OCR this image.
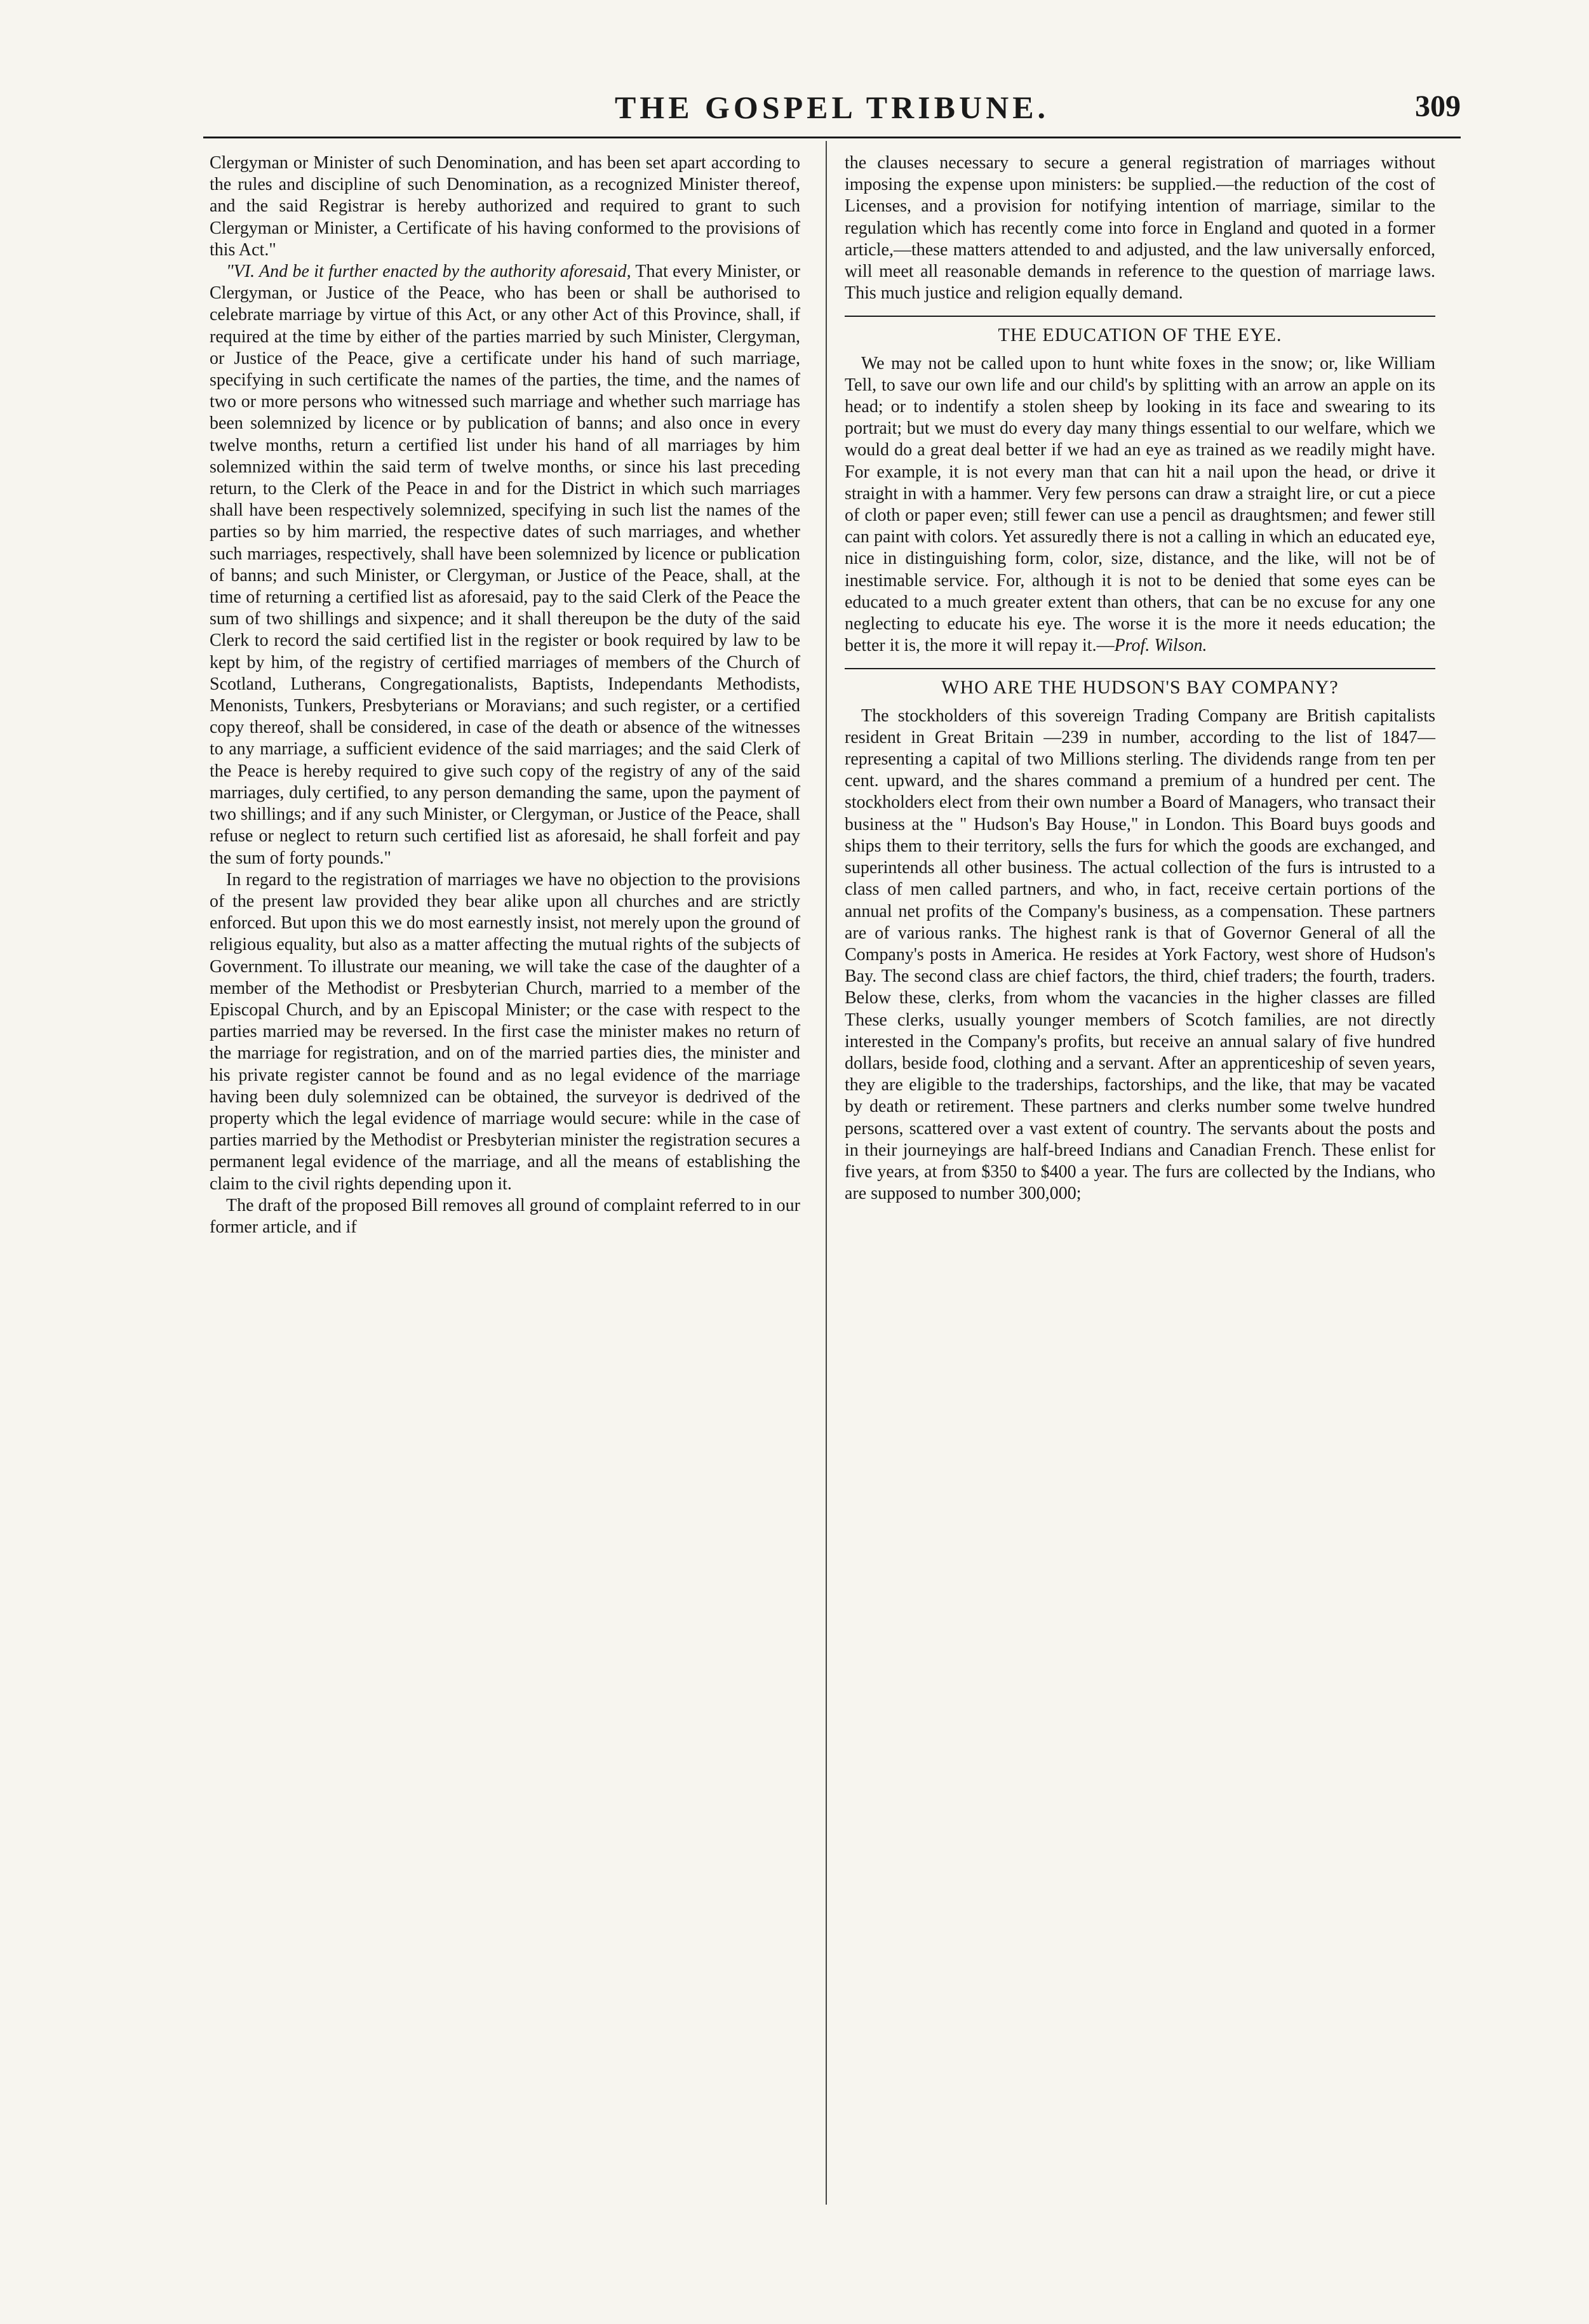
THE GOSPEL TRIBUNE.	309

Clergyman or Minister of such Denomination, and has been set apart according to the rules and discipline of such Denomination, as a recognized Minister thereof, and the said Registrar is hereby authorized and required to grant to such Clergyman or Minister, a Certificate of his having conformed to the provisions of this Act."

"VI. And be it further enacted by the authority aforesaid, That every Minister, or Clergyman, or Justice of the Peace, who has been or shall be authorised to celebrate marriage by virtue of this Act, or any other Act of this Province, shall, if required at the time by either of the parties married by such Minister, Clergyman, or Justice of the Peace, give a certificate under his hand of such marriage, specifying in such certificate the names of the parties, the time, and the names of two or more persons who witnessed such marriage and whether such marriage has been solemnized by licence or by publication of banns; and also once in every twelve months, return a certified list under his hand of all marriages by him solemnized within the said term of twelve months, or since his last preceding return, to the Clerk of the Peace in and for the District in which such marriages shall have been respectively solemnized, specifying in such list the names of the parties so by him married, the respective dates of such marriages, and whether such marriages, respectively, shall have been solemnized by licence or publication of banns; and such Minister, or Clergyman, or Justice of the Peace, shall, at the time of returning a certified list as aforesaid, pay to the said Clerk of the Peace the sum of two shillings and sixpence; and it shall thereupon be the duty of the said Clerk to record the said certified list in the register or book required by law to be kept by him, of the registry of certified marriages of members of the Church of Scotland, Lutherans, Congregationalists, Baptists, Independants Methodists, Menonists, Tunkers, Presbyterians or Moravians; and such register, or a certified copy thereof, shall be considered, in case of the death or absence of the witnesses to any marriage, a sufficient evidence of the said marriages; and the said Clerk of the Peace is hereby required to give such copy of the registry of any of the said marriages, duly certified, to any person demanding the same, upon the payment of two shillings; and if any such Minister, or Clergyman, or Justice of the Peace, shall refuse or neglect to return such certified list as aforesaid, he shall forfeit and pay the sum of forty pounds."

In regard to the registration of marriages we have no objection to the provisions of the present law provided they bear alike upon all churches and are strictly enforced. But upon this we do most earnestly insist, not merely upon the ground of religious equality, but also as a matter affecting the mutual rights of the subjects of Government. To illustrate our meaning, we will take the case of the daughter of a member of the Methodist or Presbyterian Church, married to a member of the Episcopal Church, and by an Episcopal Minister; or the case with respect to the parties married may be reversed. In the first case the minister makes no return of the marriage for registration, and on of the married parties dies, the minister and his private register cannot be found and as no legal evidence of the marriage having been duly solemnized can be obtained, the surveyor is dedrived of the property which the legal evidence of marriage would secure: while in the case of parties married by the Methodist or Presbyterian minister the registration secures a permanent legal evidence of the marriage, and all the means of establishing the claim to the civil rights depending upon it.

The draft of the proposed Bill removes all ground of complaint referred to in our former article, and if

the clauses necessary to secure a general registration of marriages without imposing the expense upon ministers: be supplied.—the reduction of the cost of Licenses, and a provision for notifying intention of marriage, similar to the regulation which has recently come into force in England and quoted in a former article,—these matters attended to and adjusted, and the law universally enforced, will meet all reasonable demands in reference to the question of marriage laws. This much justice and religion equally demand.

THE EDUCATION OF THE EYE.

We may not be called upon to hunt white foxes in the snow; or, like William Tell, to save our own life and our child's by splitting with an arrow an apple on its head; or to indentify a stolen sheep by looking in its face and swearing to its portrait; but we must do every day many things essential to our welfare, which we would do a great deal better if we had an eye as trained as we readily might have. For example, it is not every man that can hit a nail upon the head, or drive it straight in with a hammer. Very few persons can draw a straight lire, or cut a piece of cloth or paper even; still fewer can use a pencil as draughtsmen; and fewer still can paint with colors. Yet assuredly there is not a calling in which an educated eye, nice in distinguishing form, color, size, distance, and the like, will not be of inestimable service. For, although it is not to be denied that some eyes can be educated to a much greater extent than others, that can be no excuse for any one neglecting to educate his eye. The worse it is the more it needs education; the better it is, the more it will repay it.—Prof. Wilson.

WHO ARE THE HUDSON'S BAY COMPANY?

The stockholders of this sovereign Trading Company are British capitalists resident in Great Britain —239 in number, according to the list of 1847—representing a capital of two Millions sterling. The dividends range from ten per cent. upward, and the shares command a premium of a hundred per cent. The stockholders elect from their own number a Board of Managers, who transact their business at the " Hudson's Bay House," in London. This Board buys goods and ships them to their territory, sells the furs for which the goods are exchanged, and superintends all other business. The actual collection of the furs is intrusted to a class of men called partners, and who, in fact, receive certain portions of the annual net profits of the Company's business, as a compensation. These partners are of various ranks. The highest rank is that of Governor General of all the Company's posts in America. He resides at York Factory, west shore of Hudson's Bay. The second class are chief factors, the third, chief traders; the fourth, traders. Below these, clerks, from whom the vacancies in the higher classes are filled These clerks, usually younger members of Scotch families, are not directly interested in the Company's profits, but receive an annual salary of five hundred dollars, beside food, clothing and a servant. After an apprenticeship of seven years, they are eligible to the traderships, factorships, and the like, that may be vacated by death or retirement. These partners and clerks number some twelve hundred persons, scattered over a vast extent of country. The servants about the posts and in their journeyings are half-breed Indians and Canadian French. These enlist for five years, at from $350 to $400 a year. The furs are collected by the Indians, who are supposed to number 300,000;
